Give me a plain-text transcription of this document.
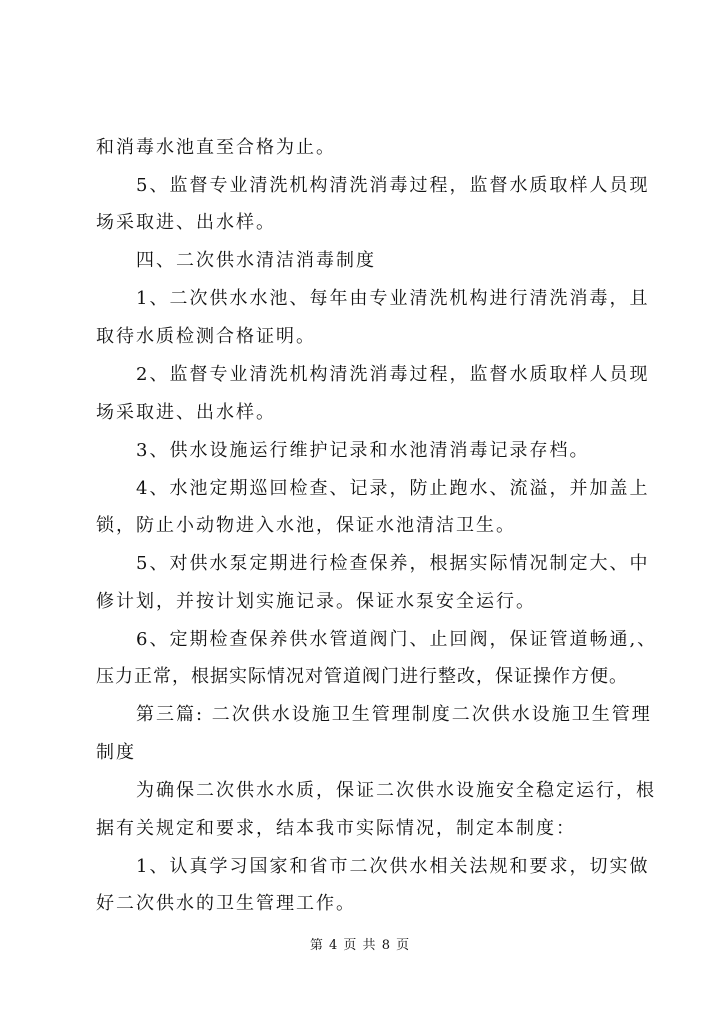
和消毒水池直至合格为止。
5、监督专业清洗机构清洗消毒过程，监督水质取样人员现
场采取进、出水样。
四、二次供水清洁消毒制度
1、二次供水水池、每年由专业清洗机构进行清洗消毒，且
取待水质检测合格证明。
2、监督专业清洗机构清洗消毒过程，监督水质取样人员现
场采取进、出水样。
3、供水设施运行维护记录和水池清消毒记录存档。
4、水池定期巡回检查、记录，防止跑水、流溢，并加盖上
锁，防止小动物进入水池，保证水池清洁卫生。
5、对供水泵定期进行检查保养，根据实际情况制定大、中
修计划，并按计划实施记录。保证水泵安全运行。
6、定期检查保养供水管道阀门、止回阀，保证管道畅通,、
压力正常，根据实际情况对管道阀门进行整改，保证操作方便。
第三篇: 二次供水设施卫生管理制度二次供水设施卫生管理
制度
为确保二次供水水质，保证二次供水设施安全稳定运行，根
据有关规定和要求，结本我市实际情况，制定本制度：
1、认真学习国家和省市二次供水相关法规和要求，切实做
好二次供水的卫生管理工作。
第 4 页 共 8 页
